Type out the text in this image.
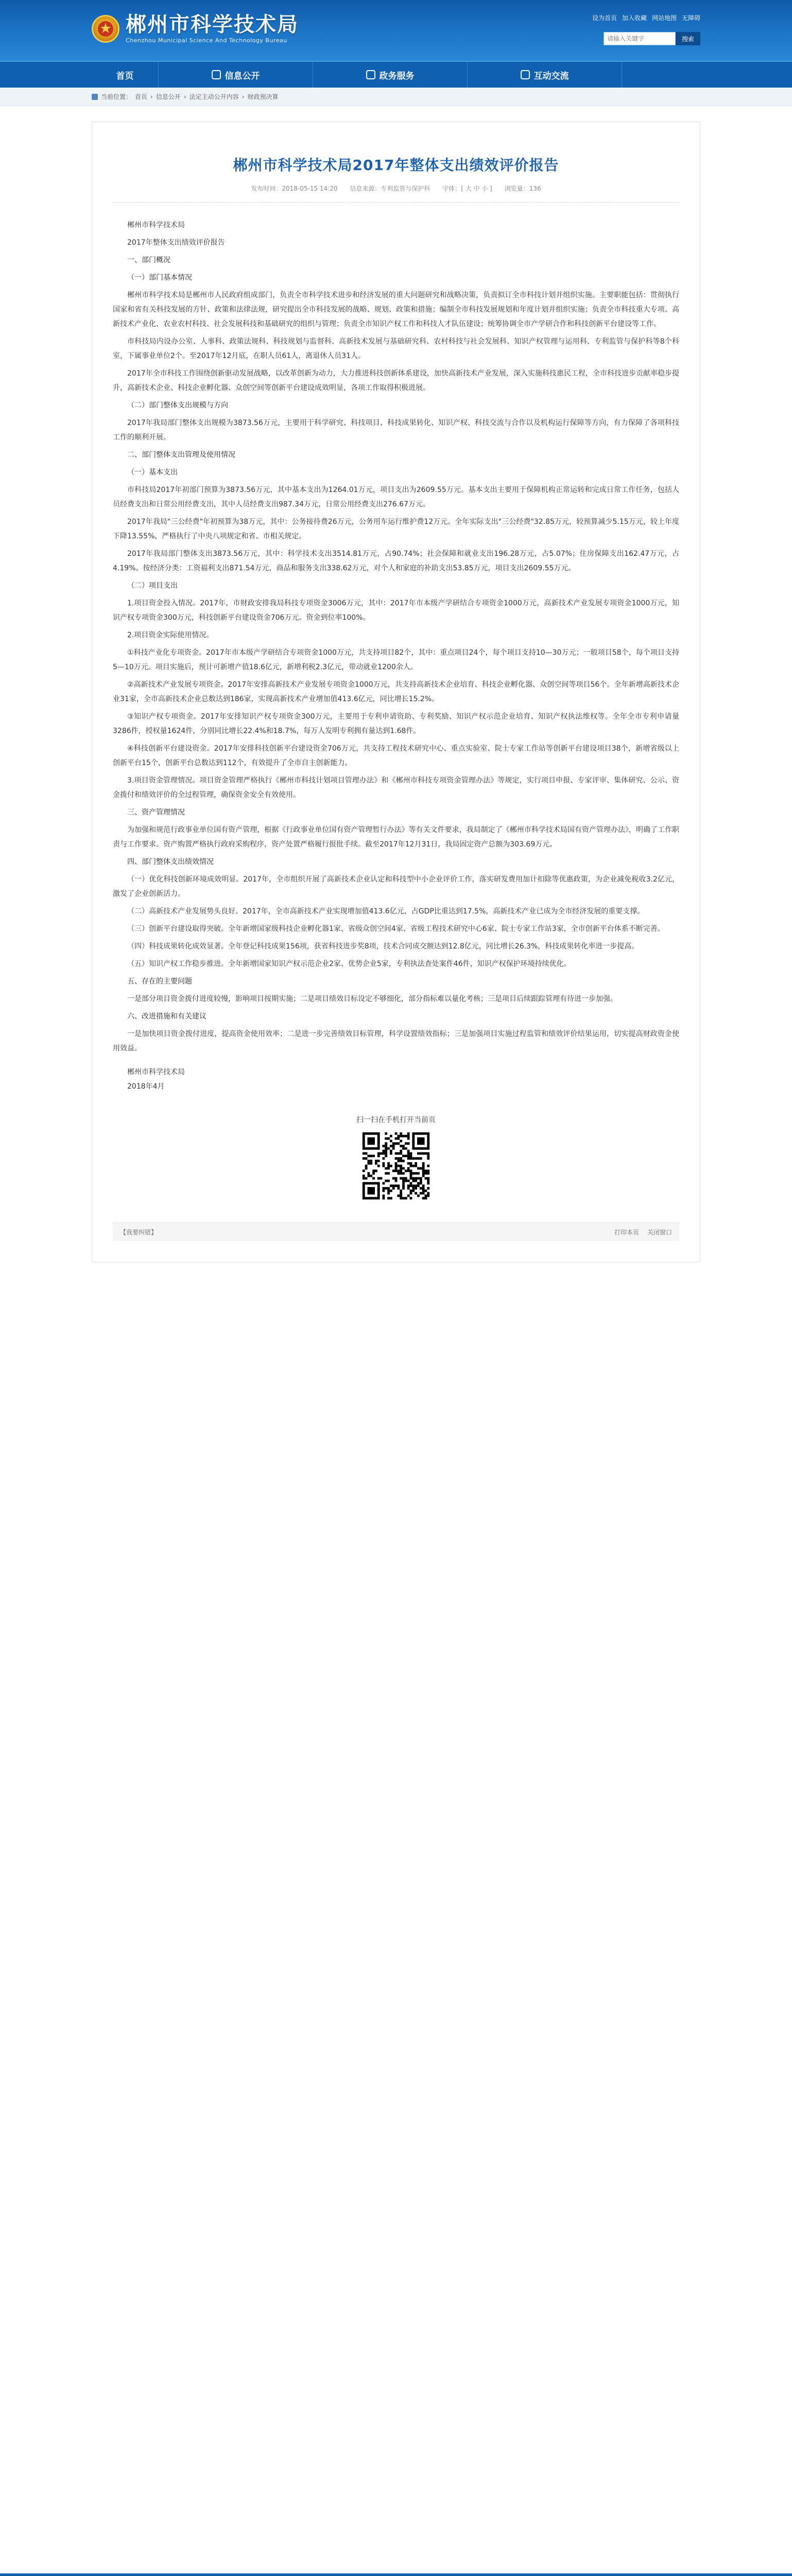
郴州市科学技术局
Chenzhou Municipal Science And Technology Bureau
设为首页 加入收藏 网站地图 无障碍
请输入关键字
搜索
首页	信息公开	政务服务	互动交流
当前位置： 首页 › 信息公开 › 法定主动公开内容 › 财政预决算
郴州市科学技术局2017年整体支出绩效评价报告
发布时间：2018-05-15 14:20 信息来源：专利监管与保护科 字体：[ 大 中 小 ] 浏览量：136

郴州市科学技术局

2017年整体支出绩效评价报告

一、部门概况
（一）部门基本情况

郴州市科学技术局是郴州市人民政府组成部门，负责全市科学技术进步和经济发展的重大问题研究和战略决策，负责拟订全市科技计划并组织实施。主要职能包括：贯彻执行国家和省有关科技发展的方针、政策和法律法规，研究提出全市科技发展的战略、规划、政策和措施；编制全市科技发展规划和年度计划并组织实施；负责全市科技重大专项、高新技术产业化、农业农村科技、社会发展科技和基础研究的组织与管理；负责全市知识产权工作和科技人才队伍建设；统筹协调全市产学研合作和科技创新平台建设等工作。

市科技局内设办公室、人事科、政策法规科、科技规划与监督科、高新技术发展与基础研究科、农村科技与社会发展科、知识产权管理与运用科、专利监管与保护科等8个科室，下属事业单位2个。至2017年12月底，在职人员61人，离退休人员31人。

2017年全市科技工作围绕创新驱动发展战略，以改革创新为动力，大力推进科技创新体系建设，加快高新技术产业发展，深入实施科技惠民工程，全市科技进步贡献率稳步提升，高新技术企业、科技企业孵化器、众创空间等创新平台建设成效明显，各项工作取得积极进展。

（二）部门整体支出规模与方向

2017年我局部门整体支出规模为3873.56万元，主要用于科学研究、科技项目、科技成果转化、知识产权、科技交流与合作以及机构运行保障等方向，有力保障了各项科技工作的顺利开展。

二、部门整体支出管理及使用情况
（一）基本支出

市科技局2017年初部门预算为3873.56万元，其中基本支出为1264.01万元，项目支出为2609.55万元。基本支出主要用于保障机构正常运转和完成日常工作任务，包括人员经费支出和日常公用经费支出，其中人员经费支出987.34万元，日常公用经费支出276.67万元。

2017年我局"三公经费"年初预算为38万元，其中：公务接待费26万元，公务用车运行维护费12万元。全年实际支出"三公经费"32.85万元，较预算减少5.15万元，较上年度下降13.55%，严格执行了中央八项规定和省、市相关规定。

2017年我局部门整体支出3873.56万元，其中：科学技术支出3514.81万元，占90.74%；社会保障和就业支出196.28万元，占5.07%；住房保障支出162.47万元，占4.19%。按经济分类：工资福利支出871.54万元，商品和服务支出338.62万元，对个人和家庭的补助支出53.85万元，项目支出2609.55万元。

（二）项目支出

1.项目资金投入情况。2017年，市财政安排我局科技专项资金3006万元，其中：2017年市本级产学研结合专项资金1000万元，高新技术产业发展专项资金1000万元，知识产权专项资金300万元，科技创新平台建设资金706万元。资金到位率100%。

2.项目资金实际使用情况。

①科技产业化专项资金。2017年市本级产学研结合专项资金1000万元，共支持项目82个，其中：重点项目24个，每个项目支持10—30万元；一般项目58个，每个项目支持5—10万元。项目实施后，预计可新增产值18.6亿元，新增利税2.3亿元，带动就业1200余人。

②高新技术产业发展专项资金。2017年安排高新技术产业发展专项资金1000万元，共支持高新技术企业培育、科技企业孵化器、众创空间等项目56个。全年新增高新技术企业31家，全市高新技术企业总数达到186家，实现高新技术产业增加值413.6亿元，同比增长15.2%。

③知识产权专项资金。2017年安排知识产权专项资金300万元，主要用于专利申请资助、专利奖励、知识产权示范企业培育、知识产权执法维权等。全年全市专利申请量3286件，授权量1624件，分别同比增长22.4%和18.7%，每万人发明专利拥有量达到1.68件。

④科技创新平台建设资金。2017年安排科技创新平台建设资金706万元，共支持工程技术研究中心、重点实验室、院士专家工作站等创新平台建设项目38个，新增省级以上创新平台15个，创新平台总数达到112个，有效提升了全市自主创新能力。

3.项目资金管理情况。项目资金管理严格执行《郴州市科技计划项目管理办法》和《郴州市科技专项资金管理办法》等规定，实行项目申报、专家评审、集体研究、公示、资金拨付和绩效评价的全过程管理，确保资金安全有效使用。

三、资产管理情况

为加强和规范行政事业单位国有资产管理，根据《行政事业单位国有资产管理暂行办法》等有关文件要求，我局制定了《郴州市科学技术局国有资产管理办法》，明确了工作职责与工作要求。资产购置严格执行政府采购程序，资产处置严格履行报批手续。截至2017年12月31日，我局固定资产总额为303.69万元。

四、部门整体支出绩效情况

（一）优化科技创新环境成效明显。2017年，全市组织开展了高新技术企业认定和科技型中小企业评价工作，落实研发费用加计扣除等优惠政策，为企业减免税收3.2亿元，激发了企业创新活力。

（二）高新技术产业发展势头良好。2017年，全市高新技术产业实现增加值413.6亿元，占GDP比重达到17.5%，高新技术产业已成为全市经济发展的重要支撑。

（三）创新平台建设取得突破。全年新增国家级科技企业孵化器1家、省级众创空间4家、省级工程技术研究中心6家、院士专家工作站3家，全市创新平台体系不断完善。

（四）科技成果转化成效显著。全年登记科技成果156项，获省科技进步奖8项，技术合同成交额达到12.8亿元，同比增长26.3%，科技成果转化率进一步提高。

（五）知识产权工作稳步推进。全年新增国家知识产权示范企业2家、优势企业5家，专利执法查处案件46件，知识产权保护环境持续优化。

五、存在的主要问题

一是部分项目资金拨付进度较慢，影响项目按期实施；二是项目绩效目标设定不够细化，部分指标难以量化考核；三是项目后续跟踪管理有待进一步加强。

六、改进措施和有关建议

一是加快项目资金拨付进度，提高资金使用效率；二是进一步完善绩效目标管理，科学设置绩效指标；三是加强项目实施过程监管和绩效评价结果运用，切实提高财政资金使用效益。

郴州市科学技术局

2018年4月

扫一扫在手机打开当前页
【我要纠错】	打印本页 关闭窗口
